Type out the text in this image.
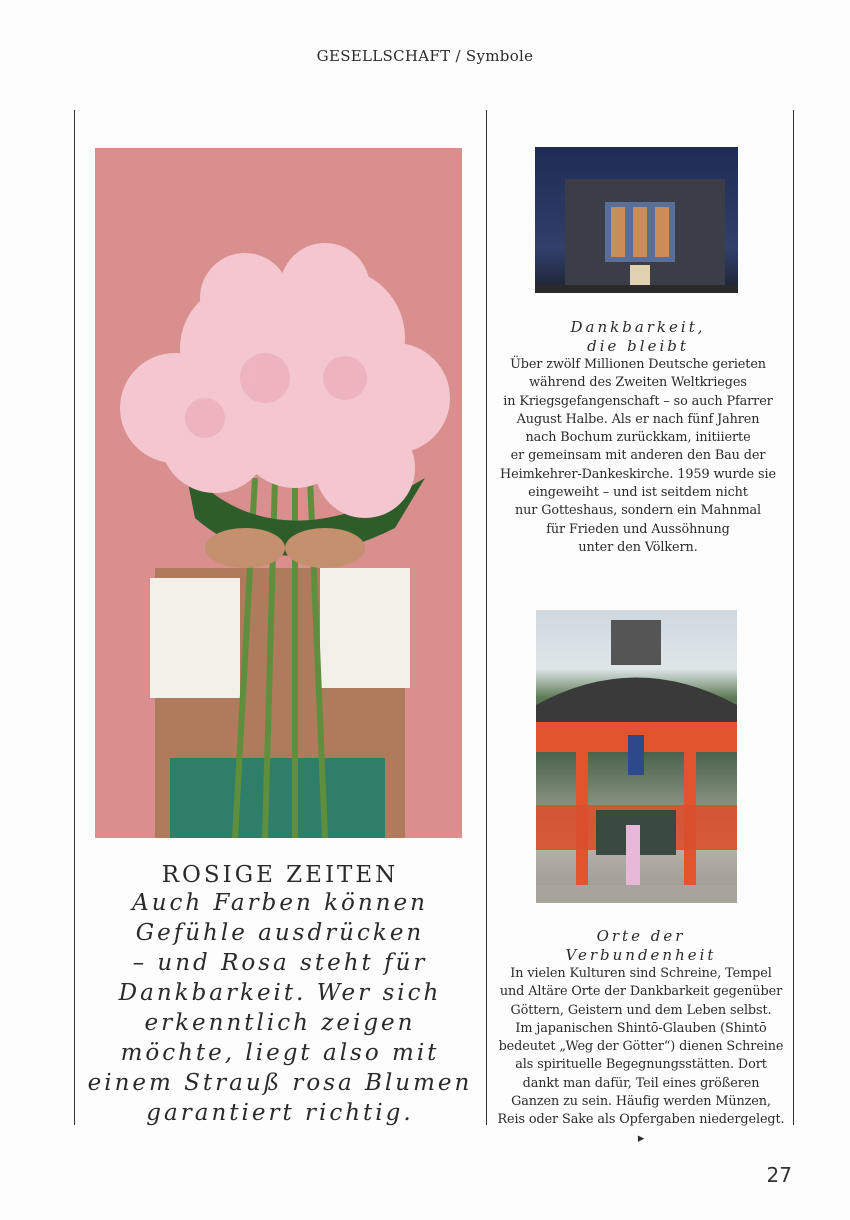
GESELLSCHAFT / Symbole
Dankbarkeit,
die bleibt
Über zwölf Millionen Deutsche gerieten
während des Zweiten Weltkrieges
in Kriegsgefangenschaft – so auch Pfarrer
August Halbe. Als er nach fünf Jahren
nach Bochum zurückkam, initiierte
er gemeinsam mit anderen den Bau der
Heimkehrer-Dankeskirche. 1959 wurde sie
eingeweiht – und ist seitdem nicht
nur Gotteshaus, sondern ein Mahnmal
für Frieden und Aussöhnung
unter den Völkern.
Orte der
Verbundenheit
In vielen Kulturen sind Schreine, Tempel
und Altäre Orte der Dankbarkeit gegenüber
Göttern, Geistern und dem Leben selbst.
Im japanischen Shintō-Glauben (Shintō
bedeutet „Weg der Götter“) dienen Schreine
als spirituelle Begegnungsstätten. Dort
dankt man dafür, Teil eines größeren
Ganzen zu sein. Häufig werden Münzen,
Reis oder Sake als Opfergaben niedergelegt. ▸
ROSIGE ZEITEN
Auch Farben können
Gefühle ausdrücken
– und Rosa steht für
Dankbarkeit. Wer sich
erkenntlich zeigen
möchte, liegt also mit
einem Strauß rosa Blumen
garantiert richtig.
27
